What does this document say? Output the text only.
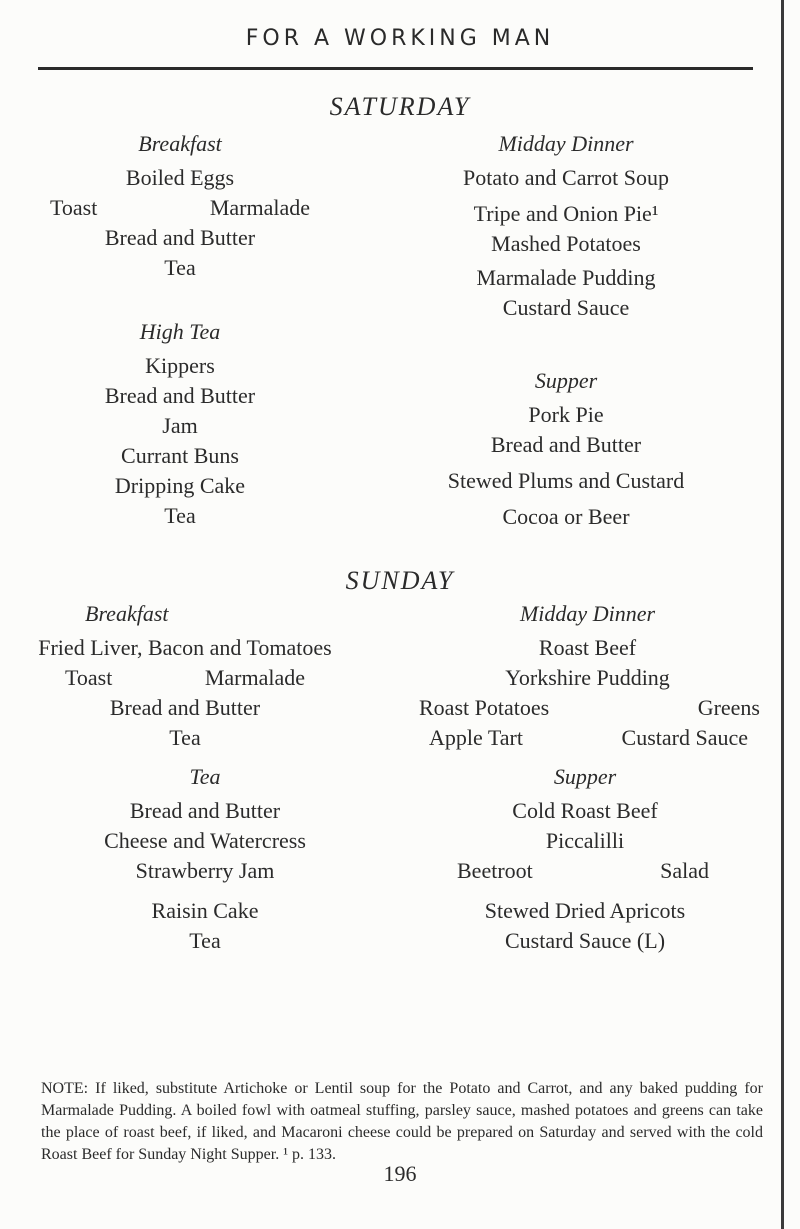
FOR A WORKING MAN
SATURDAY
Breakfast
Boiled Eggs
Toast	Marmalade
Bread and Butter
Tea
High Tea
Kippers
Bread and Butter
Jam
Currant Buns
Dripping Cake
Tea
Midday Dinner
Potato and Carrot Soup
Tripe and Onion Pie¹
Mashed Potatoes
Marmalade Pudding
Custard Sauce
Supper
Pork Pie
Bread and Butter
Stewed Plums and Custard
Cocoa or Beer
SUNDAY
Breakfast
Fried Liver, Bacon and Tomatoes
Toast	Marmalade
Bread and Butter
Tea
Tea
Bread and Butter
Cheese and Watercress
Strawberry Jam
Raisin Cake
Tea
Midday Dinner
Roast Beef
Yorkshire Pudding
Roast Potatoes	Greens
Apple Tart	Custard Sauce
Supper
Cold Roast Beef
Piccalilli
Beetroot	Salad
Stewed Dried Apricots
Custard Sauce (L)
NOTE: If liked, substitute Artichoke or Lentil soup for the Potato and Carrot, and any baked pudding for Marmalade Pudding. A boiled fowl with oatmeal stuffing, parsley sauce, mashed potatoes and greens can take the place of roast beef, if liked, and Macaroni cheese could be prepared on Saturday and served with the cold Roast Beef for Sunday Night Supper. ¹ p. 133.
196
